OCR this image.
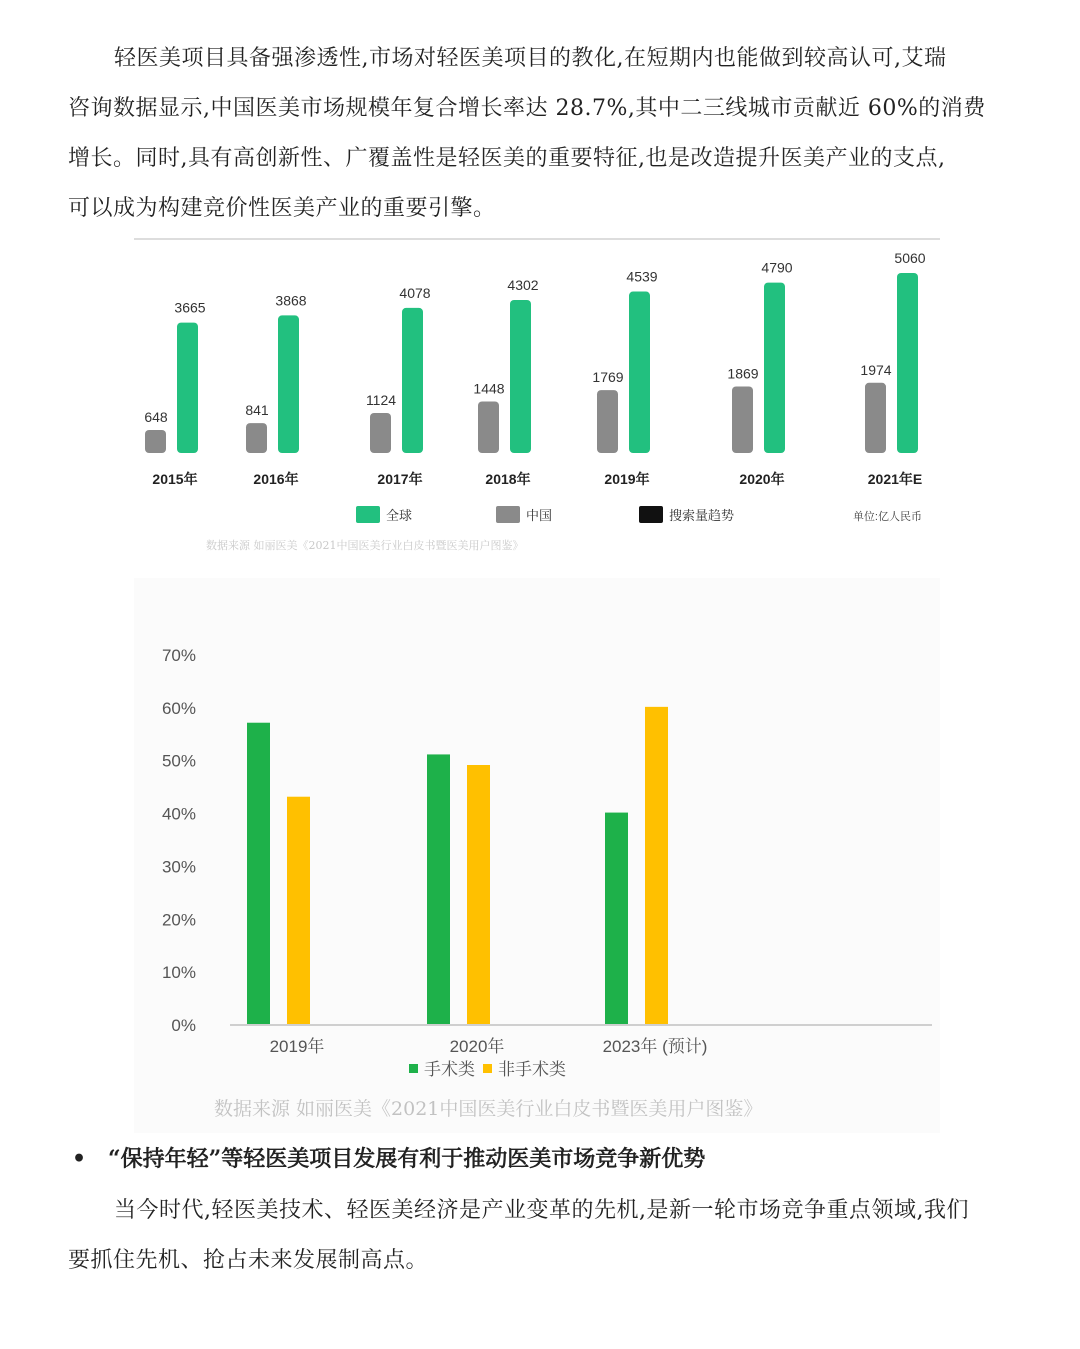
轻医美项目具备强渗透性,市场对轻医美项目的教化,在短期内也能做到较高认可,艾瑞
咨询数据显示,中国医美市场规模年复合增长率达 28.7%,其中二三线城市贡献近 60%的消费
增长。同时,具有高创新性、广覆盖性是轻医美的重要特征,也是改造提升医美产业的支点,
可以成为构建竞价性医美产业的重要引擎。

648
3665
2015年
841
3868
2016年
1124
4078
2017年
1448
4302
2018年
1769
4539
2019年
1869
4790
2020年
1974
5060
2021年E
全球	中国	搜索量趋势	单位:亿人民币
数据来源 如丽医美《2021中国医美行业白皮书暨医美用户图鉴》
0%
10%
20%
30%
40%
50%
60%
70%
2019年	2020年	2023年 (预计)
手术类 非手术类
数据来源 如丽医美《2021中国医美行业白皮书暨医美用户图鉴》
• “保持年轻”等轻医美项目发展有利于推动医美市场竞争新优势

当今时代,轻医美技术、轻医美经济是产业变革的先机,是新一轮市场竞争重点领域,我们
要抓住先机、抢占未来发展制高点。
